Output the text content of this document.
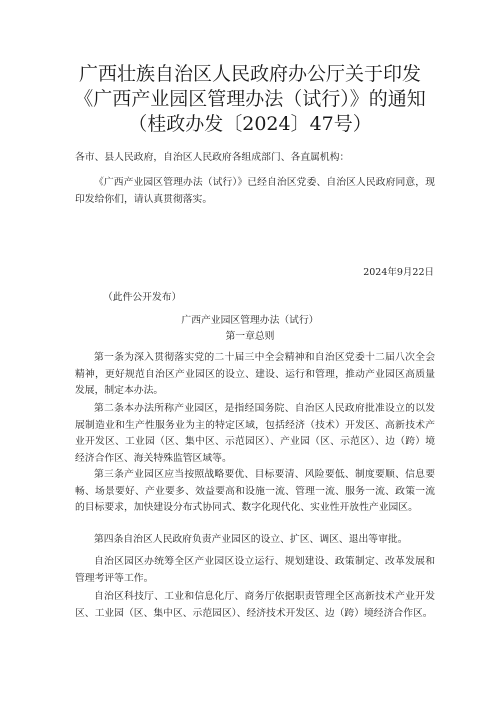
广西壮族自治区人民政府办公厅关于印发
《广西产业园区管理办法（试行）》的通知
（桂政办发〔2024〕47号）
各市、县人民政府，自治区人民政府各组成部门、各直属机构：
《广西产业园区管理办法（试行）》已经自治区党委、自治区人民政府同意，现印发给你们，请认真贯彻落实。
2024年9月22日
（此件公开发布）
广西产业园区管理办法（试行）
第一章总则
第一条为深入贯彻落实党的二十届三中全会精神和自治区党委十二届八次全会精神，更好规范自治区产业园区的设立、建设、运行和管理，推动产业园区高质量发展，制定本办法。
第二条本办法所称产业园区，是指经国务院、自治区人民政府批准设立的以发展制造业和生产性服务业为主的特定区域，包括经济（技术）开发区、高新技术产业开发区、工业园（区、集中区、示范园区）、产业园（区、示范区）、边（跨）境经济合作区、海关特殊监管区域等。
第三条产业园区应当按照战略要优、目标要清、风险要低、制度要顺、信息要畅、场景要好、产业要多、效益要高和设施一流、管理一流、服务一流、政策一流的目标要求，加快建设分布式协同式、数字化现代化、实业性开放性产业园区。
第四条自治区人民政府负责产业园区的设立、扩区、调区、退出等审批。
自治区园区办统筹全区产业园区设立运行、规划建设、政策制定、改革发展和管理考评等工作。
自治区科技厅、工业和信息化厅、商务厅依据职责管理全区高新技术产业开发区、工业园（区、集中区、示范园区）、经济技术开发区、边（跨）境经济合作区。
